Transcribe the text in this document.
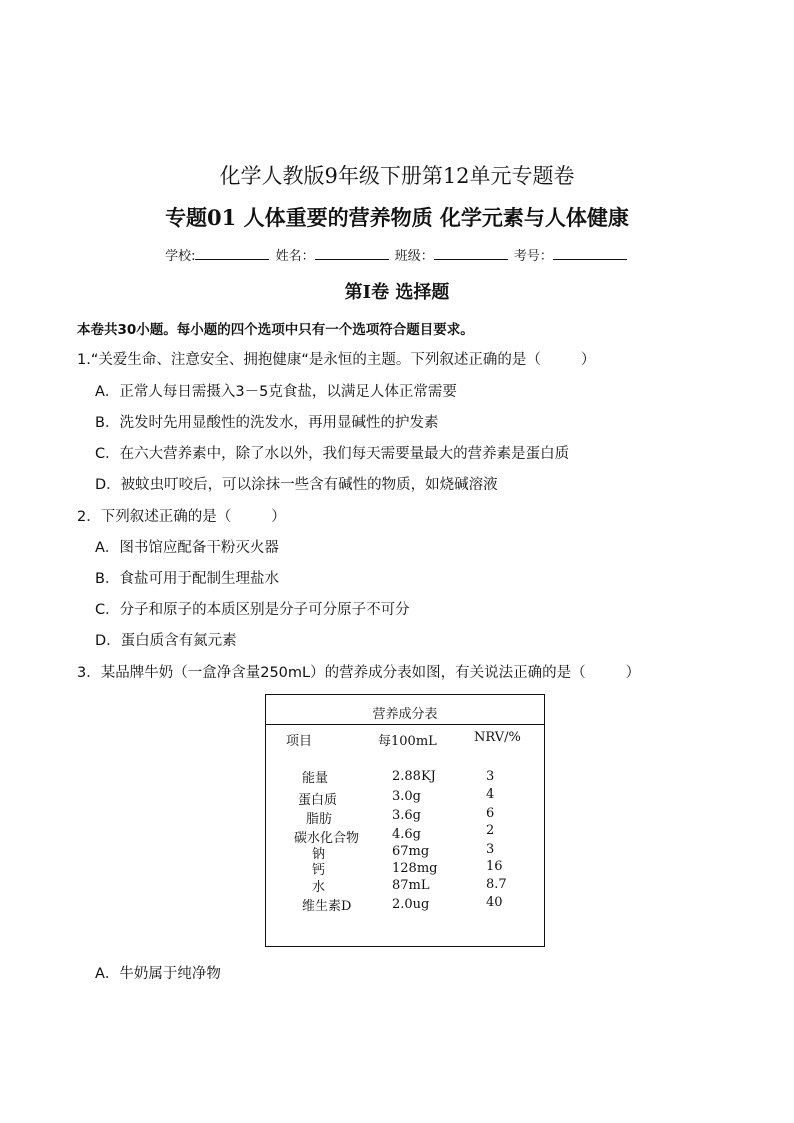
化学人教版9年级下册第12单元专题卷
专题01 人体重要的营养物质 化学元素与人体健康
学校:	姓名：	班级：	考号：
第Ⅰ卷 选择题
本卷共30小题。每小题的四个选项中只有一个选项符合题目要求。
1.“关爱生命、注意安全、拥抱健康“是永恒的主题。下列叙述正确的是（	）
A．正常人每日需摄入3－5克食盐，以满足人体正常需要
B．洗发时先用显酸性的洗发水，再用显碱性的护发素
C．在六大营养素中，除了水以外，我们每天需要量最大的营养素是蛋白质
D．被蚊虫叮咬后，可以涂抹一些含有碱性的物质，如烧碱溶液
2．下列叙述正确的是（	）
A．图书馆应配备干粉灭火器
B．食盐可用于配制生理盐水
C．分子和原子的本质区别是分子可分原子不可分
D．蛋白质含有氮元素
3．某品牌牛奶（一盒净含量250mL）的营养成分表如图，有关说法正确的是（	）
营养成分表
项目	每100mL	NRV/%
能量	2.88KJ	3
蛋白质	3.0g	4
脂肪	3.6g	6
碳水化合物	4.6g	2
钠	67mg	3
钙	128mg	16
水	87mL	8.7
维生素D	2.0ug	40
A．牛奶属于纯净物
